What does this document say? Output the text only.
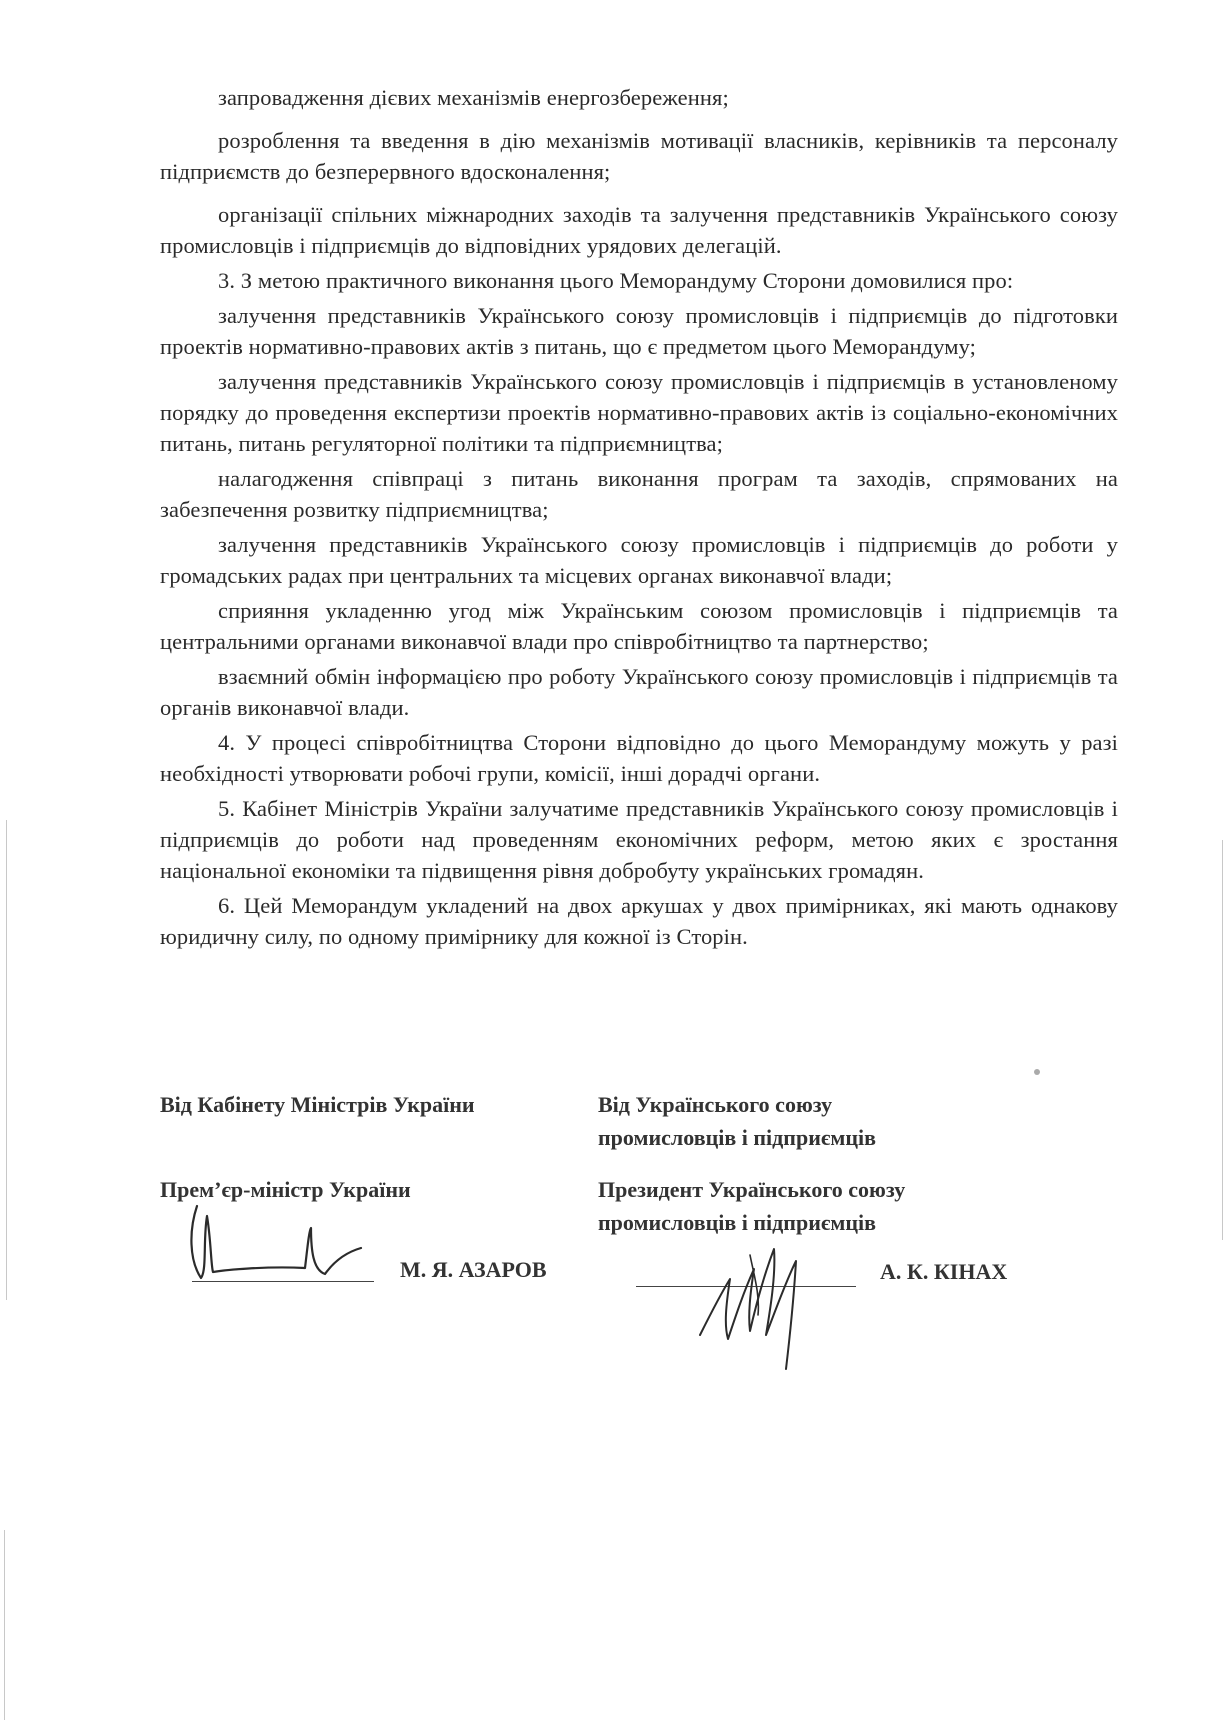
запровадження дієвих механізмів енергозбереження;

розроблення та введення в дію механізмів мотивації власників, керівників та персоналу підприємств до безперервного вдосконалення;

організації спільних міжнародних заходів та залучення представників Українського союзу промисловців і підприємців до відповідних урядових делегацій.

3. З метою практичного виконання цього Меморандуму Сторони домовилися про:

залучення представників Українського союзу промисловців і підприємців до підготовки проектів нормативно-правових актів з питань, що є предметом цього Меморандуму;

залучення представників Українського союзу промисловців і підприємців в установленому порядку до проведення експертизи проектів нормативно-правових актів із соціально-економічних питань, питань регуляторної політики та підприємництва;

налагодження співпраці з питань виконання програм та заходів, спрямованих на забезпечення розвитку підприємництва;

залучення представників Українського союзу промисловців і підприємців до роботи у громадських радах при центральних та місцевих органах виконавчої влади;

сприяння укладенню угод між Українським союзом промисловців і підприємців та центральними органами виконавчої влади про співробітництво та партнерство;

взаємний обмін інформацією про роботу Українського союзу промисловців і підприємців та органів виконавчої влади.

4. У процесі співробітництва Сторони відповідно до цього Меморандуму можуть у разі необхідності утворювати робочі групи, комісії, інші дорадчі органи.

5. Кабінет Міністрів України залучатиме представників Українського союзу промисловців і підприємців до роботи над проведенням економічних реформ, метою яких є зростання національної економіки та підвищення рівня добробуту українських громадян.

6. Цей Меморандум укладений на двох аркушах у двох примірниках, які мають однакову юридичну силу, по одному примірнику для кожної із Сторін.

Від Кабінету Міністрів України
Прем’єр-міністр України
М. Я. АЗАРОВ
Від Українського союзу
промисловців і підприємців
Президент Українського союзу
промисловців і підприємців
А. К. КІНАХ
